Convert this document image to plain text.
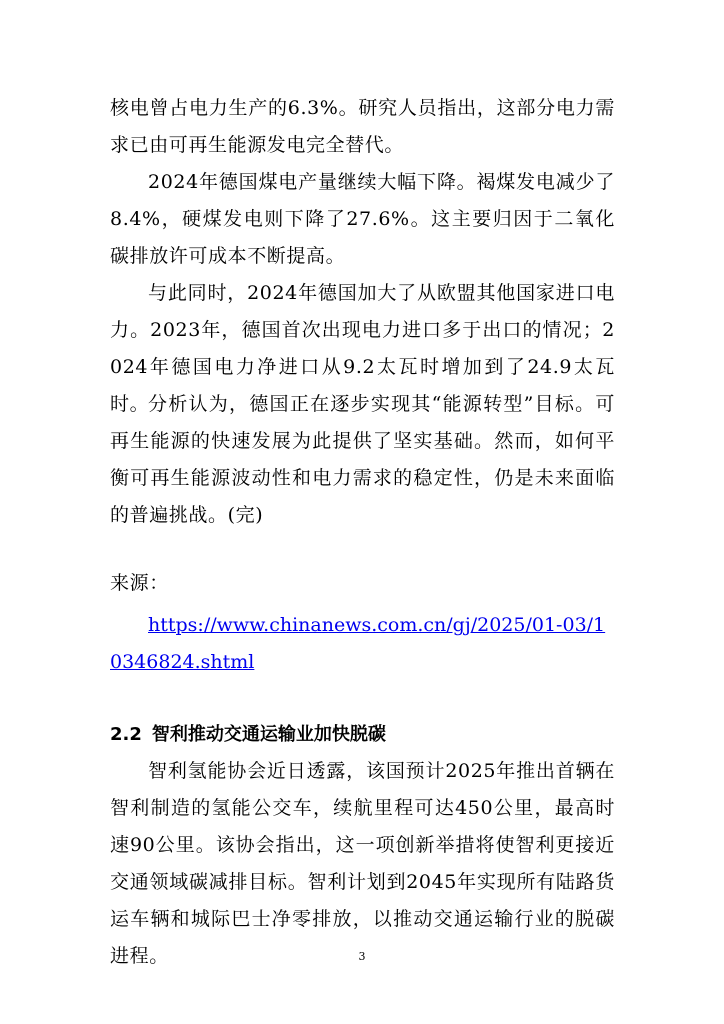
核电曾占电力生产的6.3%。研究人员指出，这部分电力需求已由可再生能源发电完全替代。

2024年德国煤电产量继续大幅下降。褐煤发电减少了8.4%，硬煤发电则下降了27.6%。这主要归因于二氧化碳排放许可成本不断提高。

与此同时，2024年德国加大了从欧盟其他国家进口电力。2023年，德国首次出现电力进口多于出口的情况；2024年德国电力净进口从9.2太瓦时增加到了24.9太瓦时。

分析认为，德国正在逐步实现其“能源转型”目标。可再生能源的快速发展为此提供了坚实基础。然而，如何平衡可再生能源波动性和电力需求的稳定性，仍是未来面临的普遍挑战。(完)

来源：

https://www.chinanews.com.cn/gj/2025/01-03/10346824.shtml

2.2 智利推动交通运输业加快脱碳

智利氢能协会近日透露，该国预计2025年推出首辆在智利制造的氢能公交车，续航里程可达450公里，最高时速90公里。该协会指出，这一项创新举措将使智利更接近交通领域碳减排目标。智利计划到2045年实现所有陆路货运车辆和城际巴士净零排放，以推动交通运输行业的脱碳进程。	3
